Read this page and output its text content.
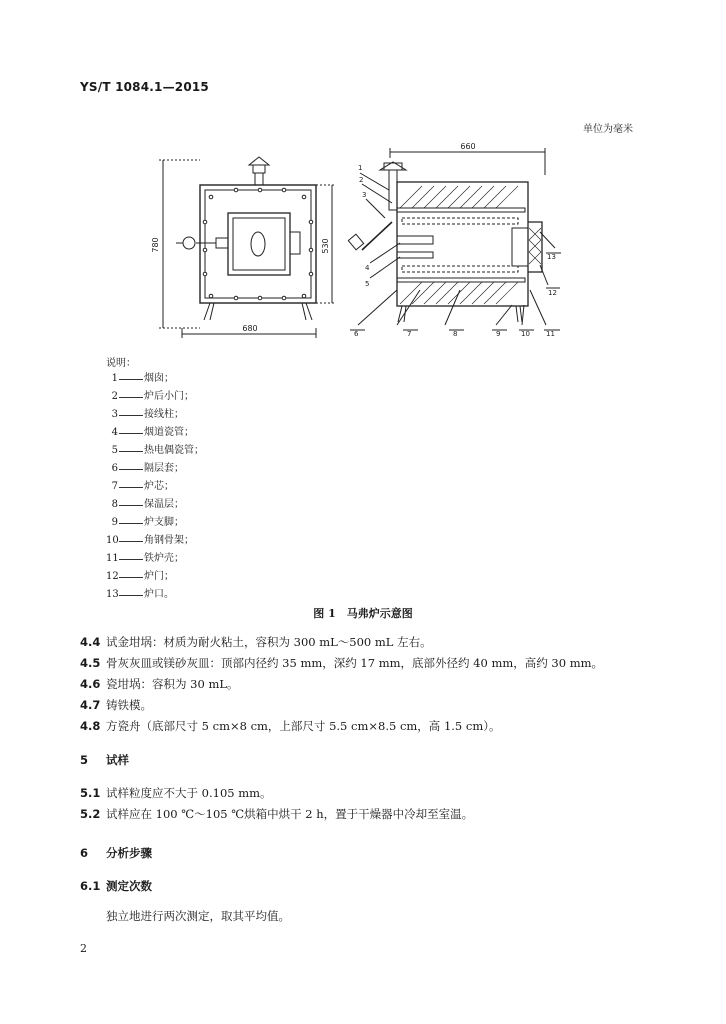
YS/T 1084.1—2015
单位为毫米
780	530
680
660
1
2
3
4
5
6	7	8	9	10 11
12
13
说明：
1	烟囱；
2	炉后小门；
3	接线柱；
4	烟道瓷管；
5	热电偶瓷管；
6	隔层套；
7	炉芯；
8	保温层；
9	炉支脚；
10	角钢骨架；
11	铁炉壳；
12	炉门；
13	炉口。
图 1　马弗炉示意图
4.4 试金坩埚：材质为耐火粘土，容积为 300 mL～500 mL 左右。
4.5 骨灰灰皿或镁砂灰皿：顶部内径约 35 mm，深约 17 mm，底部外径约 40 mm，高约 30 mm。
4.6 瓷坩埚：容积为 30 mL。
4.7 铸铁模。
4.8 方瓷舟（底部尺寸 5 cm×8 cm，上部尺寸 5.5 cm×8.5 cm，高 1.5 cm）。
5 试样
5.1 试样粒度应不大于 0.105 mm。
5.2 试样应在 100 ℃～105 ℃烘箱中烘干 2 h，置于干燥器中冷却至室温。
6 分析步骤
6.1 测定次数
独立地进行两次测定，取其平均值。
2
